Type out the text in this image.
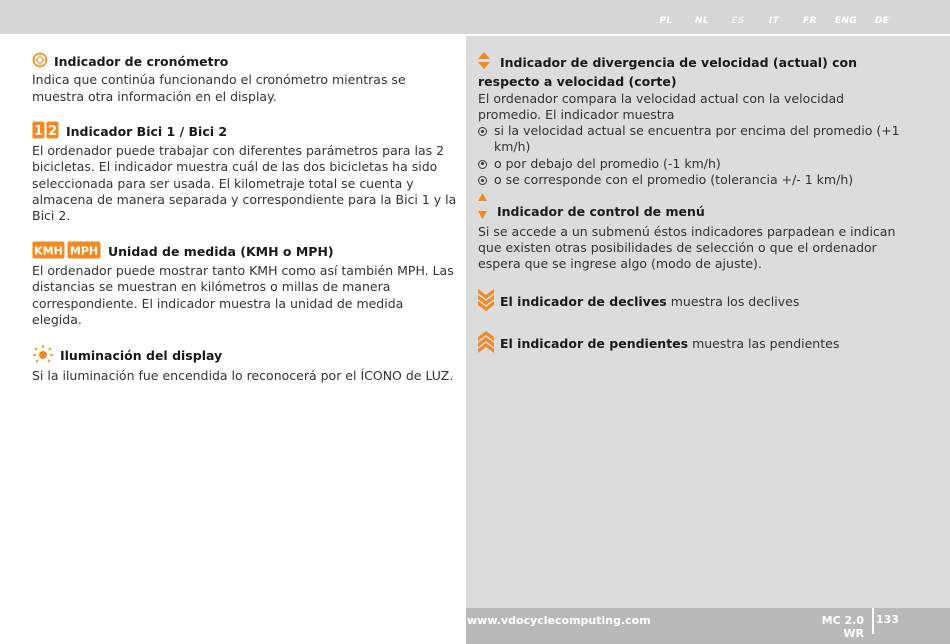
PL	NL	ES	IT	FR	ENG	DE
Indicador de cronómetro
Indica que continúa funcionando el cronómetro mientras se muestra otra información en el display.
1 2 Indicador Bici 1 / Bici 2
El ordenador puede trabajar con diferentes parámetros para las 2 bicicletas. El indicador muestra cuál de las dos bicicletas ha sido seleccionada para ser usada. El kilometraje total se cuenta y almacena de manera separada y correspondiente para la Bici 1 y la Bici 2.
KMH MPH Unidad de medida (KMH o MPH)
El ordenador puede mostrar tanto KMH como así también MPH. Las distancias se muestran en kilómetros o millas de manera correspondiente. El indicador muestra la unidad de medida elegida.
Iluminación del display
Si la iluminación fue encendida lo reconocerá por el ÍCONO de LUZ.
Indicador de divergencia de velocidad (actual) con respecto a velocidad (corte)
El ordenador compara la velocidad actual con la velocidad promedio. El indicador muestra
si la velocidad actual se encuentra por encima del promedio (+1 km/h)
o por debajo del promedio (-1 km/h)
o se corresponde con el promedio (tolerancia +/- 1 km/h)
Indicador de control de menú
Si se accede a un submenú éstos indicadores parpadean e indican que existen otras posibilidades de selección o que el ordenador espera que se ingrese algo (modo de ajuste).
El indicador de declives muestra los declives
El indicador de pendientes muestra las pendientes
www.vdocyclecomputing.com	MC 2.0 WR
133
